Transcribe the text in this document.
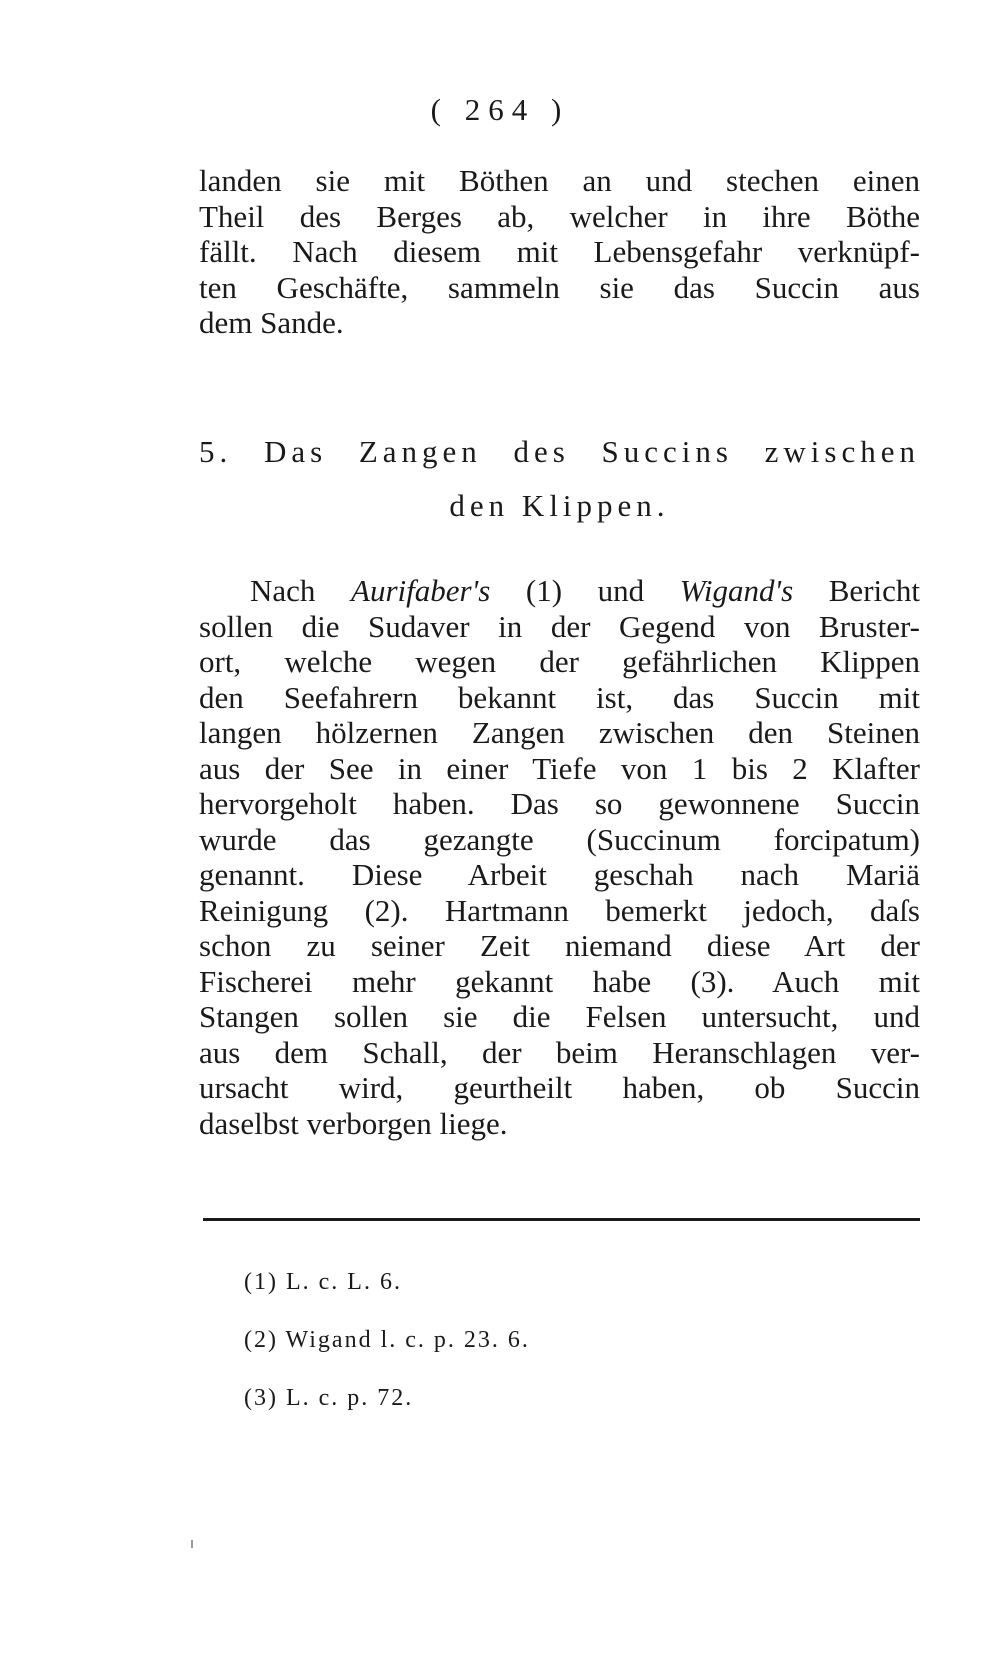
( 264 )
landen sie mit Böthen an und stechen einen
Theil des Berges ab, welcher in ihre Böthe
fällt. Nach diesem mit Lebensgefahr verknüpf-
ten Geschäfte, sammeln sie das Succin aus
dem Sande.
5. Das Zangen des Succins zwischen
den Klippen.
Nach Aurifaber's (1) und Wigand's Bericht
sollen die Sudaver in der Gegend von Bruster-
ort, welche wegen der gefährlichen Klippen
den Seefahrern bekannt ist, das Succin mit
langen hölzernen Zangen zwischen den Steinen
aus der See in einer Tiefe von 1 bis 2 Klafter
hervorgeholt haben. Das so gewonnene Succin
wurde das gezangte (Succinum forcipatum)
genannt. Diese Arbeit geschah nach Mariä
Reinigung (2). Hartmann bemerkt jedoch, daſs
schon zu seiner Zeit niemand diese Art der
Fischerei mehr gekannt habe (3). Auch mit
Stangen sollen sie die Felsen untersucht, und
aus dem Schall, der beim Heranschlagen ver-
ursacht wird, geurtheilt haben, ob Succin
daselbst verborgen liege.
(1) L. c. L. 6.
(2) Wigand l. c. p. 23. 6.
(3) L. c. p. 72.
